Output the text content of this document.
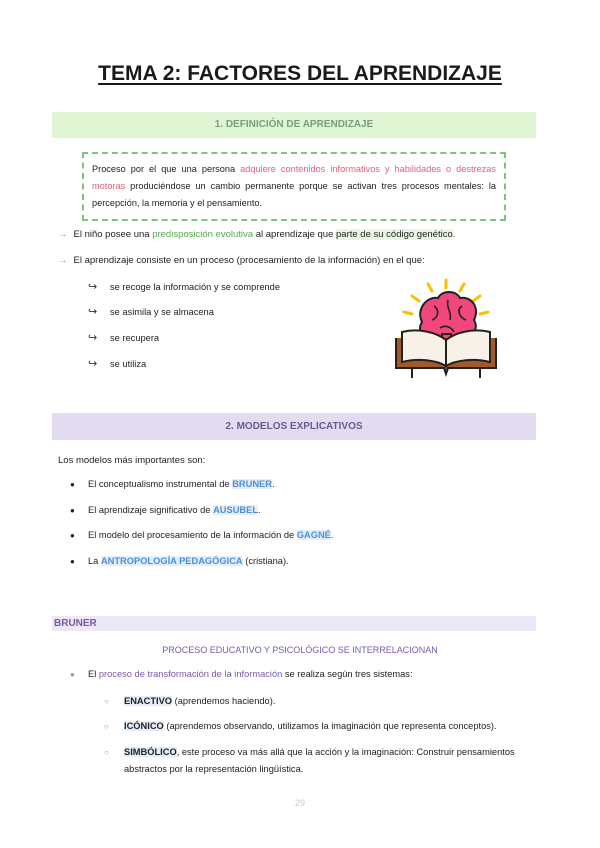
TEMA 2: FACTORES DEL APRENDIZAJE
1. DEFINICIÓN DE APRENDIZAJE
Proceso por el que una persona adquiere contenidos informativos y habilidades o destrezas motoras produciéndose un cambio permanente porque se activan tres procesos mentales: la percepción, la memoria y el pensamiento.
→ El niño posee una predisposición evolutiva al aprendizaje que parte de su código genético.
→ El aprendizaje consiste en un proceso (procesamiento de la información) en el que:
↪ se recoge la información y se comprende
↪ se asimila y se almacena
↪ se recupera
↪ se utiliza
2. MODELOS EXPLICATIVOS
Los modelos más importantes son:
● El conceptualismo instrumental de BRUNER.
● El aprendizaje significativo de AUSUBEL.
● El modelo del procesamiento de la información de GAGNÉ.
● La ANTROPOLOGÍA PEDAGÓGICA (cristiana).
BRUNER
PROCESO EDUCATIVO Y PSICOLÓGICO SE INTERRELACIONAN
● El proceso de transformación de la información se realiza según tres sistemas:
○ ENACTIVO (aprendemos haciendo).
○ ICÓNICO (aprendemos observando, utilizamos la imaginación que representa conceptos).
○ SIMBÓLICO, este proceso va más allá que la acción y la imaginación: Construir pensamientos abstractos por la representación lingüística.
29
